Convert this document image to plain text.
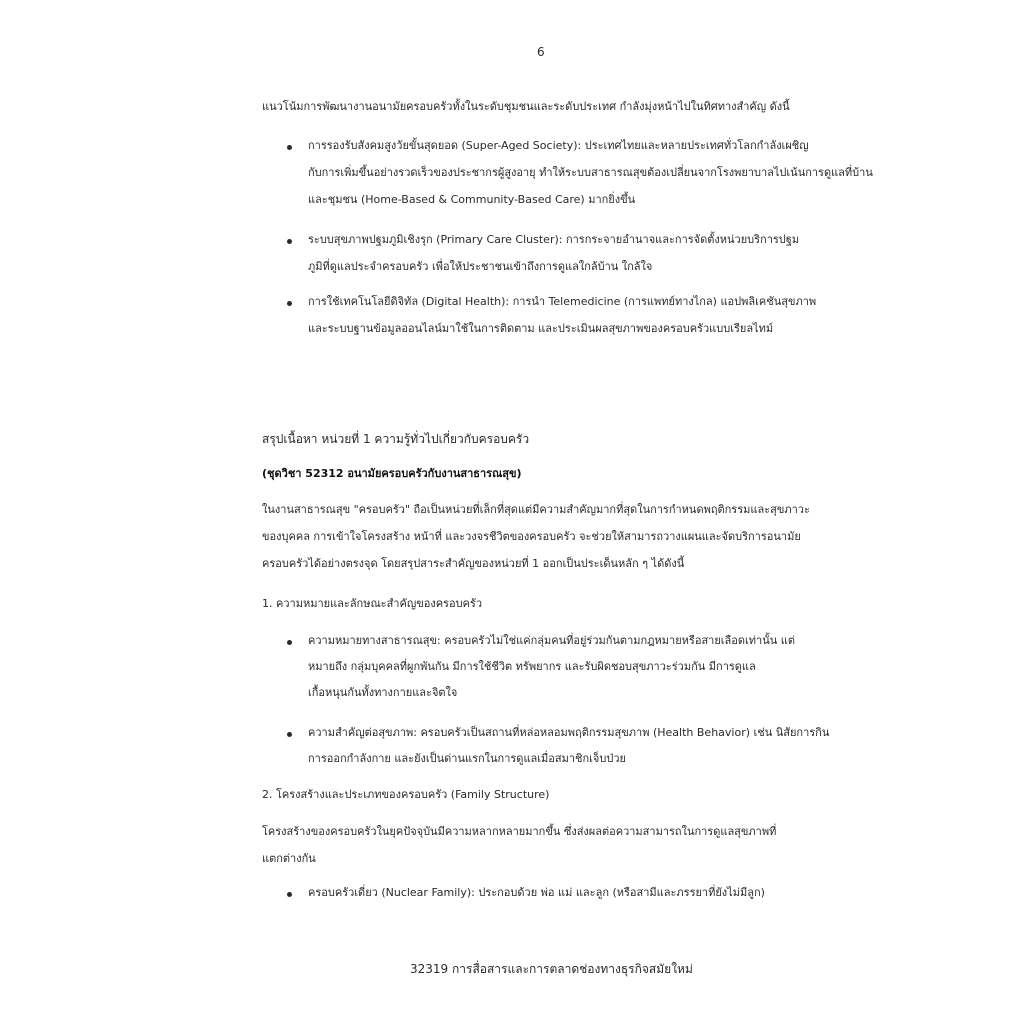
6
แนวโน้มการพัฒนางานอนามัยครอบครัวทั้งในระดับชุมชนและระดับประเทศ กำลังมุ่งหน้าไปในทิศทางสำคัญ ดังนี้
การรองรับสังคมสูงวัยขั้นสุดยอด (Super-Aged Society): ประเทศไทยและหลายประเทศทั่วโลกกำลังเผชิญ
กับการเพิ่มขึ้นอย่างรวดเร็วของประชากรผู้สูงอายุ ทำให้ระบบสาธารณสุขต้องเปลี่ยนจากโรงพยาบาลไปเน้นการดูแลที่บ้าน
และชุมชน (Home-Based & Community-Based Care) มากยิ่งขึ้น
ระบบสุขภาพปฐมภูมิเชิงรุก (Primary Care Cluster): การกระจายอำนาจและการจัดตั้งหน่วยบริการปฐม
ภูมิที่ดูแลประจำครอบครัว เพื่อให้ประชาชนเข้าถึงการดูแลใกล้บ้าน ใกล้ใจ
การใช้เทคโนโลยีดิจิทัล (Digital Health): การนำ Telemedicine (การแพทย์ทางไกล) แอปพลิเคชันสุขภาพ
และระบบฐานข้อมูลออนไลน์มาใช้ในการติดตาม และประเมินผลสุขภาพของครอบครัวแบบเรียลไทม์
สรุปเนื้อหา หน่วยที่ 1 ความรู้ทั่วไปเกี่ยวกับครอบครัว
(ชุดวิชา 52312 อนามัยครอบครัวกับงานสาธารณสุข)
ในงานสาธารณสุข "ครอบครัว" ถือเป็นหน่วยที่เล็กที่สุดแต่มีความสำคัญมากที่สุดในการกำหนดพฤติกรรมและสุขภาวะ
ของบุคคล การเข้าใจโครงสร้าง หน้าที่ และวงจรชีวิตของครอบครัว จะช่วยให้สามารถวางแผนและจัดบริการอนามัย
ครอบครัวได้อย่างตรงจุด โดยสรุปสาระสำคัญของหน่วยที่ 1 ออกเป็นประเด็นหลัก ๆ ได้ดังนี้
1. ความหมายและลักษณะสำคัญของครอบครัว
ความหมายทางสาธารณสุข: ครอบครัวไม่ใช่แค่กลุ่มคนที่อยู่ร่วมกันตามกฎหมายหรือสายเลือดเท่านั้น แต่
หมายถึง กลุ่มบุคคลที่ผูกพันกัน มีการใช้ชีวิต ทรัพยากร และรับผิดชอบสุขภาวะร่วมกัน มีการดูแล
เกื้อหนุนกันทั้งทางกายและจิตใจ
ความสำคัญต่อสุขภาพ: ครอบครัวเป็นสถานที่หล่อหลอมพฤติกรรมสุขภาพ (Health Behavior) เช่น นิสัยการกิน
การออกกำลังกาย และยังเป็นด่านแรกในการดูแลเมื่อสมาชิกเจ็บป่วย
2. โครงสร้างและประเภทของครอบครัว (Family Structure)
โครงสร้างของครอบครัวในยุคปัจจุบันมีความหลากหลายมากขึ้น ซึ่งส่งผลต่อความสามารถในการดูแลสุขภาพที่
แตกต่างกัน
ครอบครัวเดี่ยว (Nuclear Family): ประกอบด้วย พ่อ แม่ และลูก (หรือสามีและภรรยาที่ยังไม่มีลูก)
32319 การสื่อสารและการตลาดช่องทางธุรกิจสมัยใหม่
